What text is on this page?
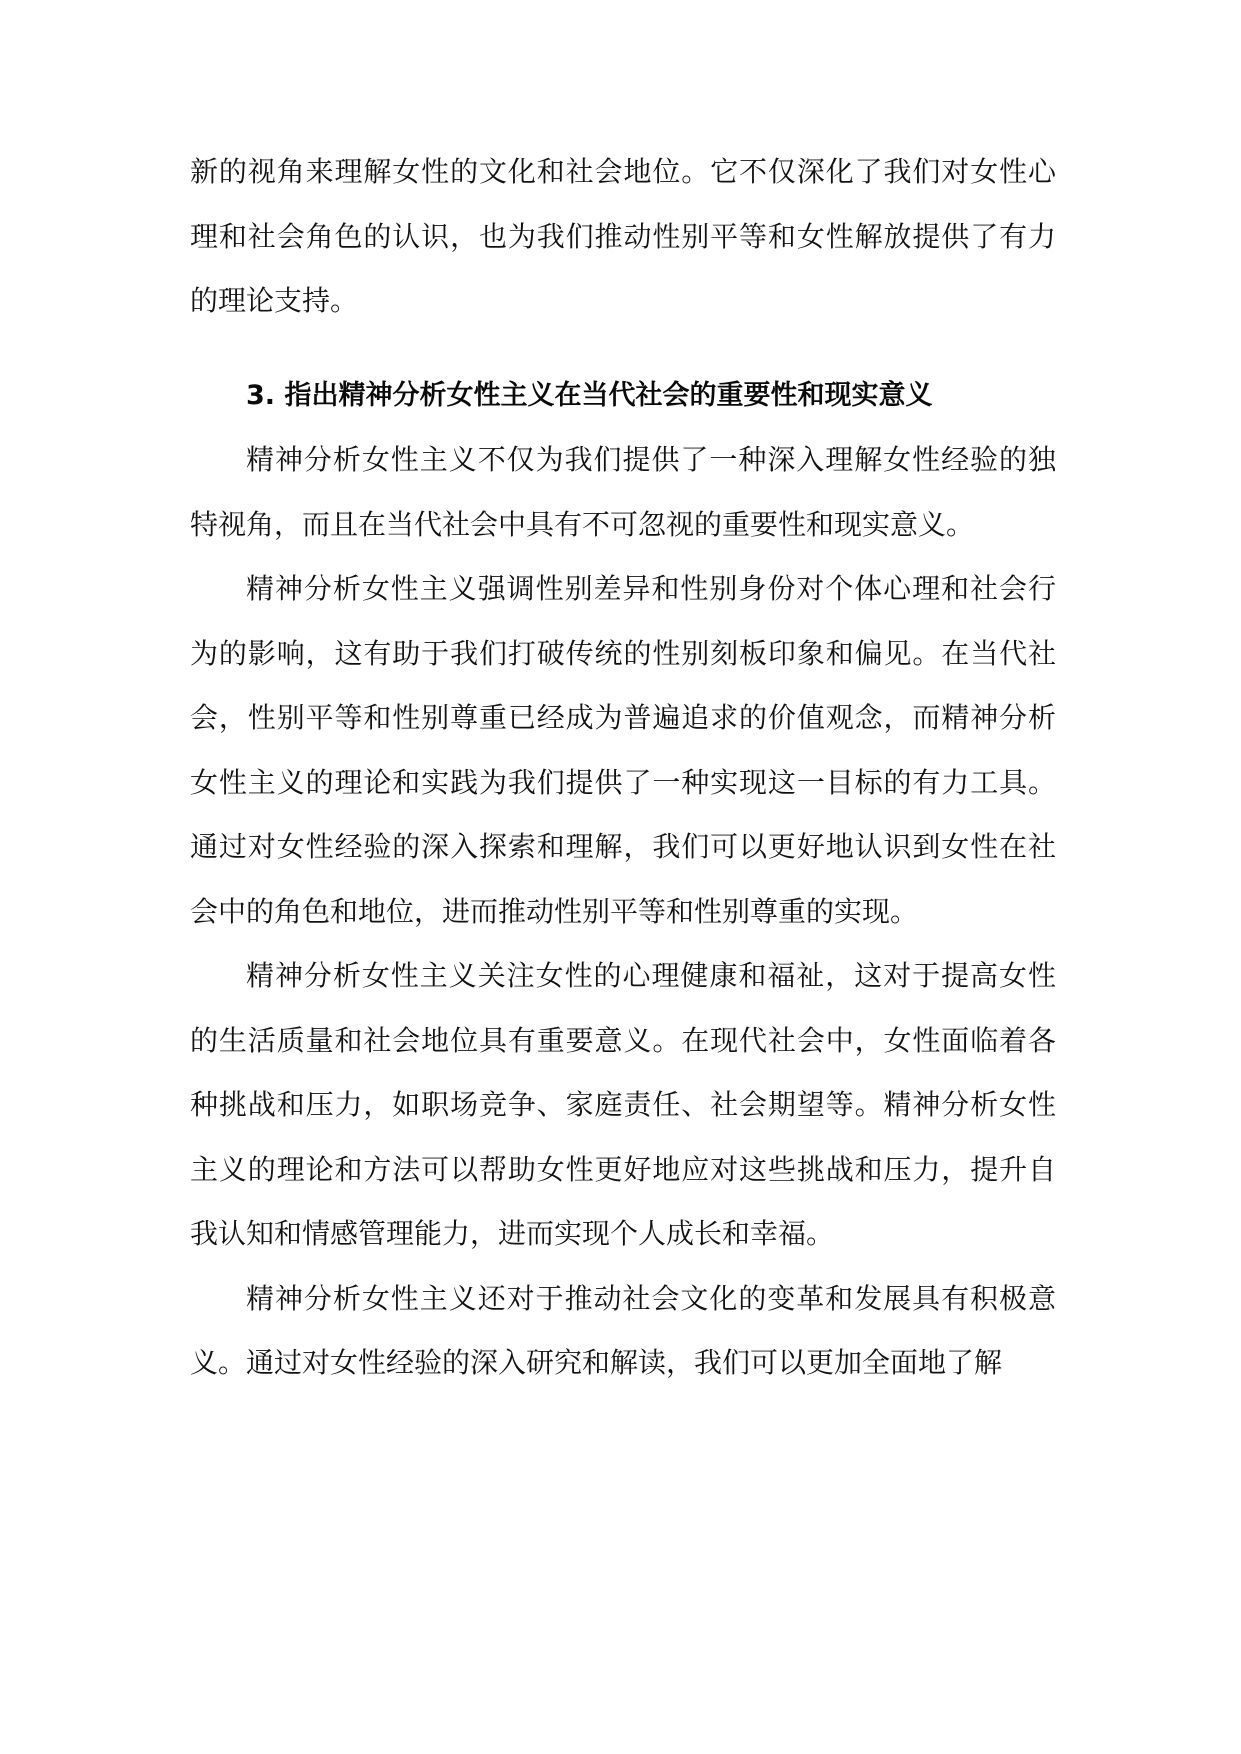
新的视角来理解女性的文化和社会地位。它不仅深化了我们对女性心理和社会角色的认识，也为我们推动性别平等和女性解放提供了有力的理论支持。

3. 指出精神分析女性主义在当代社会的重要性和现实意义

精神分析女性主义不仅为我们提供了一种深入理解女性经验的独特视角，而且在当代社会中具有不可忽视的重要性和现实意义。

精神分析女性主义强调性别差异和性别身份对个体心理和社会行为的影响，这有助于我们打破传统的性别刻板印象和偏见。在当代社会，性别平等和性别尊重已经成为普遍追求的价值观念，而精神分析女性主义的理论和实践为我们提供了一种实现这一目标的有力工具。通过对女性经验的深入探索和理解，我们可以更好地认识到女性在社会中的角色和地位，进而推动性别平等和性别尊重的实现。

精神分析女性主义关注女性的心理健康和福祉，这对于提高女性的生活质量和社会地位具有重要意义。在现代社会中，女性面临着各种挑战和压力，如职场竞争、家庭责任、社会期望等。精神分析女性主义的理论和方法可以帮助女性更好地应对这些挑战和压力，提升自我认知和情感管理能力，进而实现个人成长和幸福。

精神分析女性主义还对于推动社会文化的变革和发展具有积极意义。通过对女性经验的深入研究和解读，我们可以更加全面地了解
